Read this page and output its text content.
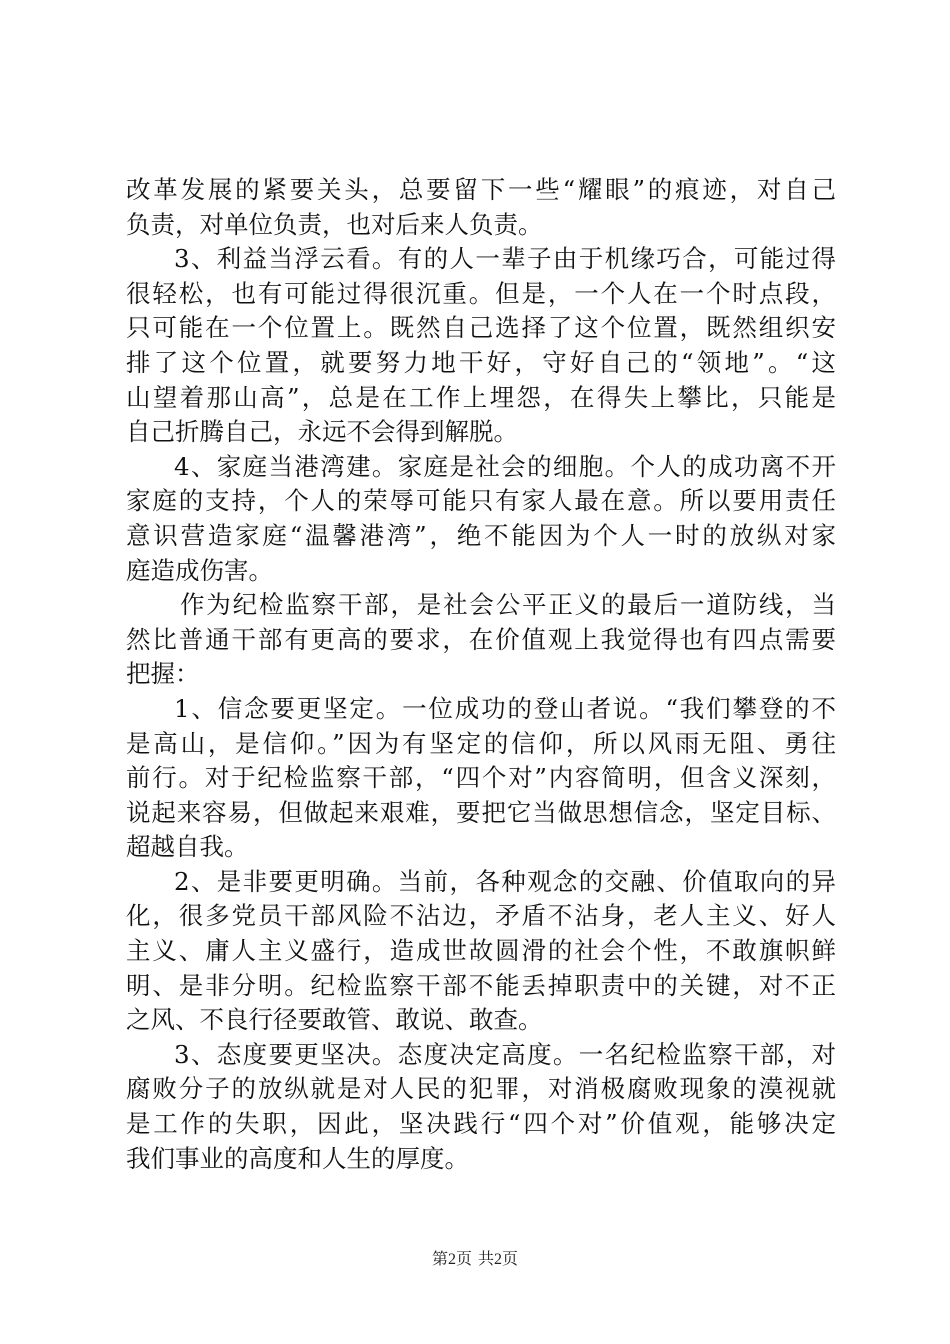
改革发展的紧要关头，总要留下一些“耀眼”的痕迹，对自己
负责，对单位负责，也对后来人负责。
3、利益当浮云看。有的人一辈子由于机缘巧合，可能过得
很轻松，也有可能过得很沉重。但是，一个人在一个时点段，
只可能在一个位置上。既然自己选择了这个位置，既然组织安
排了这个位置，就要努力地干好，守好自己的“领地”。“这
山望着那山高”，总是在工作上埋怨，在得失上攀比，只能是
自己折腾自己，永远不会得到解脱。
4、家庭当港湾建。家庭是社会的细胞。个人的成功离不开
家庭的支持，个人的荣辱可能只有家人最在意。所以要用责任
意识营造家庭“温馨港湾”，绝不能因为个人一时的放纵对家
庭造成伤害。
作为纪检监察干部，是社会公平正义的最后一道防线，当
然比普通干部有更高的要求，在价值观上我觉得也有四点需要
把握：
1、信念要更坚定。一位成功的登山者说。“我们攀登的不
是高山，是信仰。”因为有坚定的信仰，所以风雨无阻、勇往
前行。对于纪检监察干部，“四个对”内容简明，但含义深刻，
说起来容易，但做起来艰难，要把它当做思想信念，坚定目标、
超越自我。
2、是非要更明确。当前，各种观念的交融、价值取向的异
化，很多党员干部风险不沾边，矛盾不沾身，老人主义、好人
主义、庸人主义盛行，造成世故圆滑的社会个性，不敢旗帜鲜
明、是非分明。纪检监察干部不能丢掉职责中的关键，对不正
之风、不良行径要敢管、敢说、敢查。
3、态度要更坚决。态度决定高度。一名纪检监察干部，对
腐败分子的放纵就是对人民的犯罪，对消极腐败现象的漠视就
是工作的失职，因此，坚决践行“四个对”价值观，能够决定
我们事业的高度和人生的厚度。
第2页 共2页
